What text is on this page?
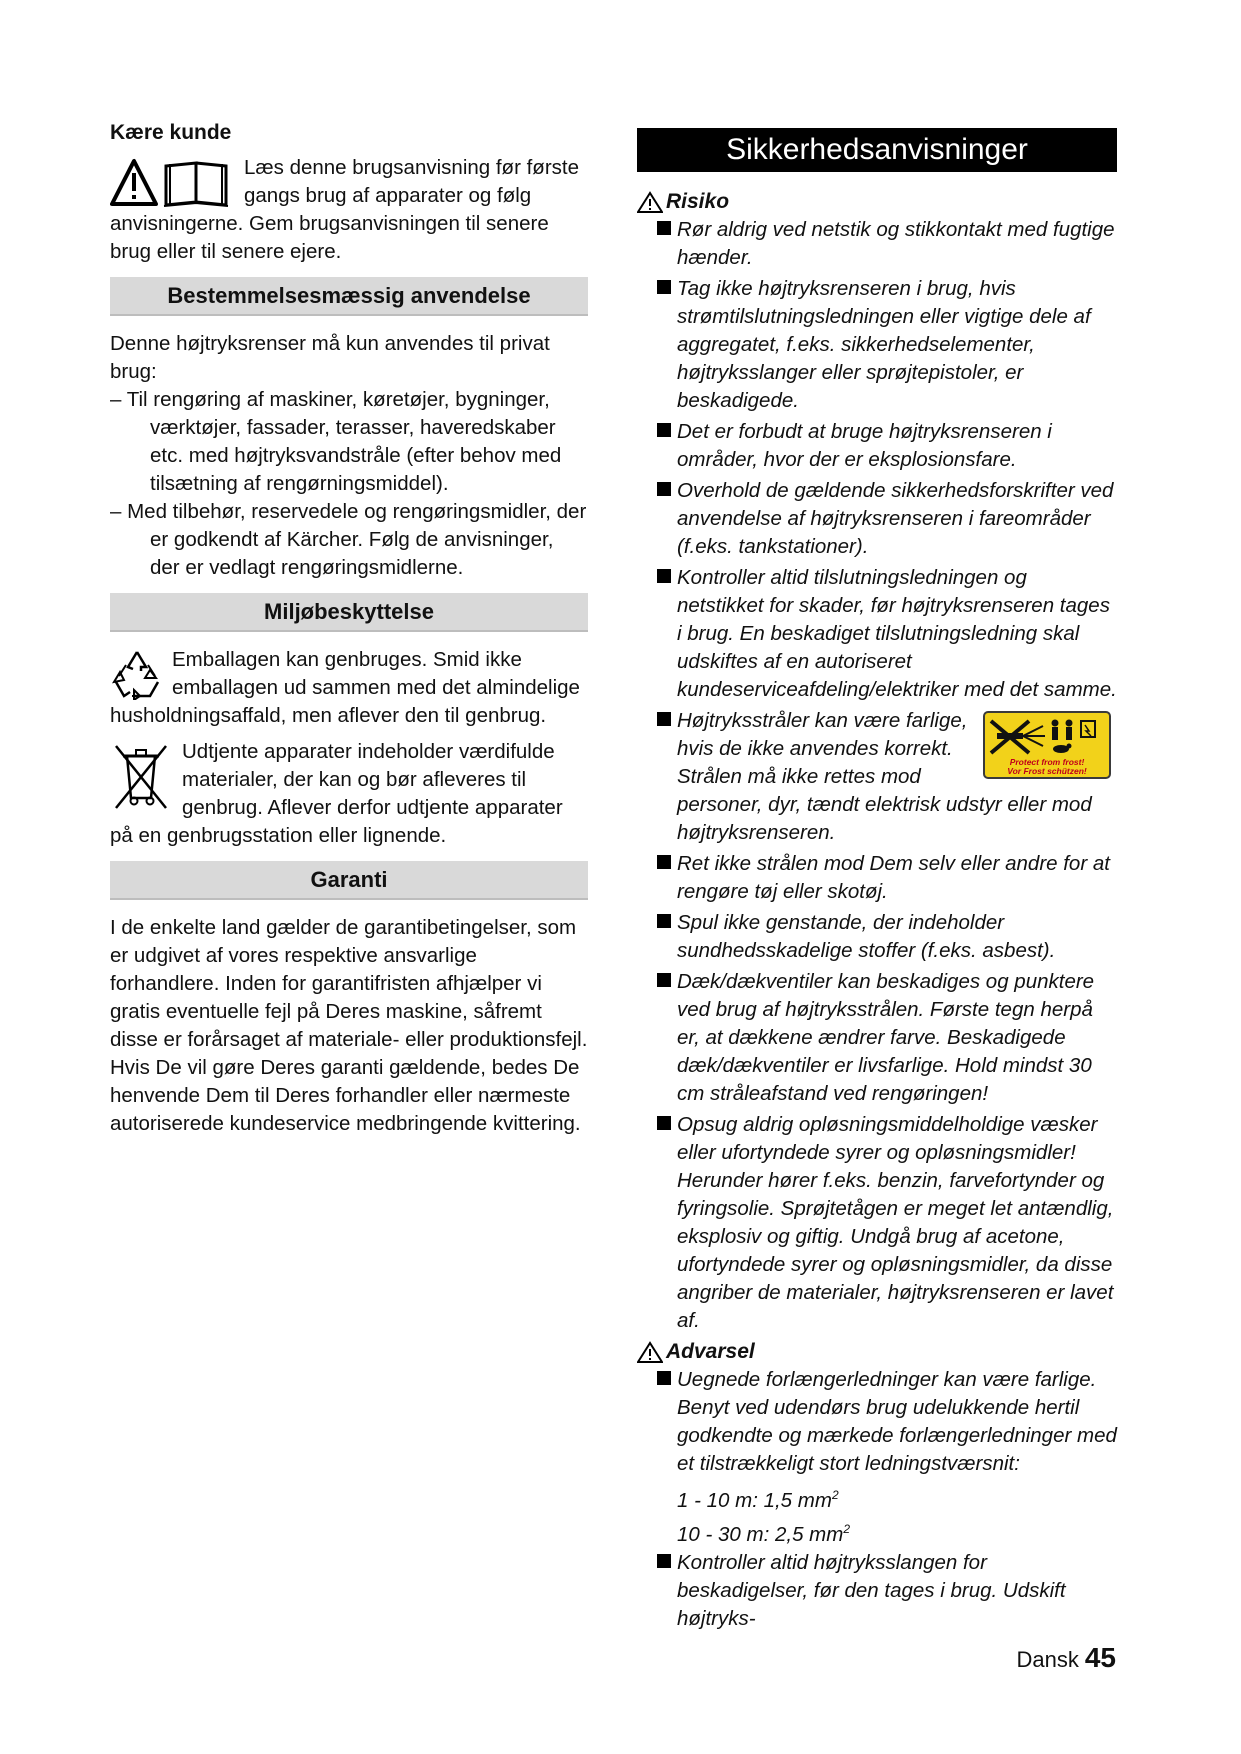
Kære kunde

Læs denne brugsanvisning før første gangs brug af apparater og følg anvisningerne. Gem brugsanvisningen til senere brug eller til senere ejere.

Bestemmelsesmæssig anvendelse

Denne højtryksrenser må kun anvendes til privat brug:

– Til rengøring af maskiner, køretøjer, bygninger, værktøjer, fassader, terasser, haveredskaber etc. med højtryksvandstråle (efter behov med tilsætning af rengørningsmiddel).

– Med tilbehør, reservedele og rengøringsmidler, der er godkendt af Kärcher. Følg de anvisninger, der er vedlagt rengøringsmidlerne.

Miljøbeskyttelse

Emballagen kan genbruges. Smid ikke emballagen ud sammen med det almindelige husholdningsaffald, men aflever den til genbrug.

Udtjente apparater indeholder værdifulde materialer, der kan og bør afleveres til genbrug. Aflever derfor udtjente apparater på en genbrugsstation eller lignende.

Garanti

I de enkelte land gælder de garantibetingelser, som er udgivet af vores respektive ansvarlige forhandlere. Inden for garantifristen afhjælper vi gratis eventuelle fejl på Deres maskine, såfremt disse er forårsaget af materiale- eller produktionsfejl. Hvis De vil gøre Deres garanti gældende, bedes De henvende Dem til Deres forhandler eller nærmeste autoriserede kundeservice medbringende kvittering.

Sikkerhedsanvisninger
Risiko

Rør aldrig ved netstik og stikkontakt med fugtige hænder.

Tag ikke højtryksrenseren i brug, hvis strømtilslutningsledningen eller vigtige dele af aggregatet, f.eks. sikkerhedselementer, højtryksslanger eller sprøjtepistoler, er beskadigede.

Det er forbudt at bruge højtryksrenseren i områder, hvor der er eksplosionsfare.

Overhold de gældende sikkerhedsforskrifter ved anvendelse af højtryksrenseren i fareområder (f.eks. tankstationer).

Kontroller altid tilslutningsledningen og netstikket for skader, før højtryksrenseren tages i brug. En beskadiget tilslutningsledning skal udskiftes af en autoriseret kundeserviceafdeling/elektriker med det samme.

Protect from frost!
Vor Frost schützen!
Højtryksstråler kan være farlige, hvis de ikke anvendes korrekt. Strålen må ikke rettes mod personer, dyr, tændt elektrisk udstyr eller mod højtryksrenseren.

Ret ikke strålen mod Dem selv eller andre for at rengøre tøj eller skotøj.

Spul ikke genstande, der indeholder sundhedsskadelige stoffer (f.eks. asbest).

Dæk/dækventiler kan beskadiges og punktere ved brug af højtryksstrålen. Første tegn herpå er, at dækkene ændrer farve. Beskadigede dæk/dækventiler er livsfarlige. Hold mindst 30 cm stråleafstand ved rengøringen!

Opsug aldrig opløsningsmiddelholdige væsker eller ufortyndede syrer og opløsningsmidler! Herunder hører f.eks. benzin, farvefortynder og fyringsolie. Sprøjtetågen er meget let antændlig, eksplosiv og giftig. Undgå brug af acetone, ufortyndede syrer og opløsningsmidler, da disse angriber de materialer, højtryksrenseren er lavet af.

Advarsel

Uegnede forlængerledninger kan være farlige. Benyt ved udendørs brug udelukkende hertil godkendte og mærkede forlængerledninger med et tilstrækkeligt stort ledningstværsnit:

1 - 10 m: 1,5 $mm^2$
10 - 30 m: 2,5 $mm^2$

Kontroller altid højtryksslangen for beskadigelser, før den tages i brug. Udskift højtryks-

Dansk 45
